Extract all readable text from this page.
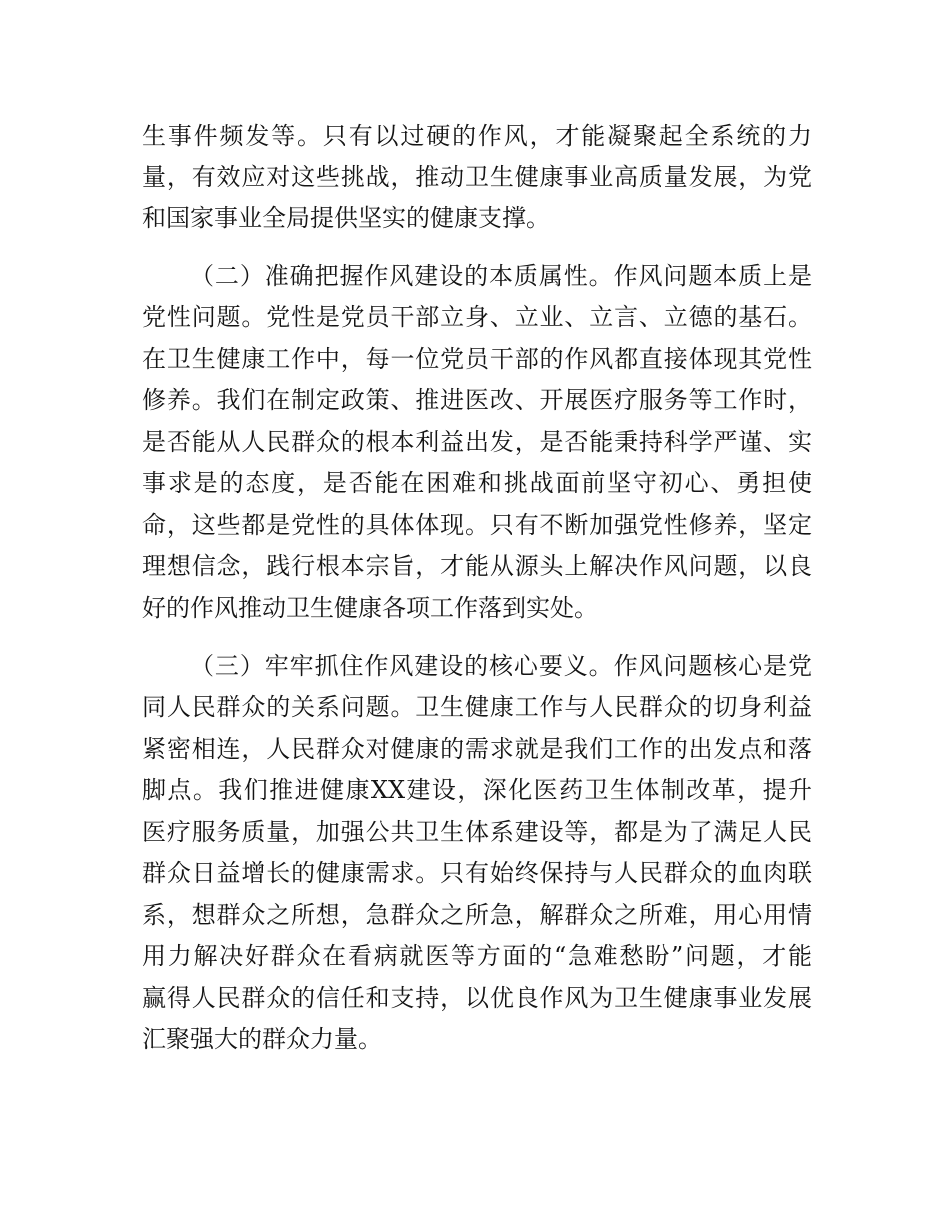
生事件频发等。只有以过硬的作风，才能凝聚起全系统的力
量，有效应对这些挑战，推动卫生健康事业高质量发展，为党
和国家事业全局提供坚实的健康支撑。
（二）准确把握作风建设的本质属性。作风问题本质上是
党性问题。党性是党员干部立身、立业、立言、立德的基石。
在卫生健康工作中，每一位党员干部的作风都直接体现其党性
修养。我们在制定政策、推进医改、开展医疗服务等工作时，
是否能从人民群众的根本利益出发，是否能秉持科学严谨、实
事求是的态度，是否能在困难和挑战面前坚守初心、勇担使
命，这些都是党性的具体体现。只有不断加强党性修养，坚定
理想信念，践行根本宗旨，才能从源头上解决作风问题，以良
好的作风推动卫生健康各项工作落到实处。
（三）牢牢抓住作风建设的核心要义。作风问题核心是党
同人民群众的关系问题。卫生健康工作与人民群众的切身利益
紧密相连，人民群众对健康的需求就是我们工作的出发点和落
脚点。我们推进健康XX建设，深化医药卫生体制改革，提升
医疗服务质量，加强公共卫生体系建设等，都是为了满足人民
群众日益增长的健康需求。只有始终保持与人民群众的血肉联
系，想群众之所想，急群众之所急，解群众之所难，用心用情
用力解决好群众在看病就医等方面的“急难愁盼”问题，才能
赢得人民群众的信任和支持，以优良作风为卫生健康事业发展
汇聚强大的群众力量。
